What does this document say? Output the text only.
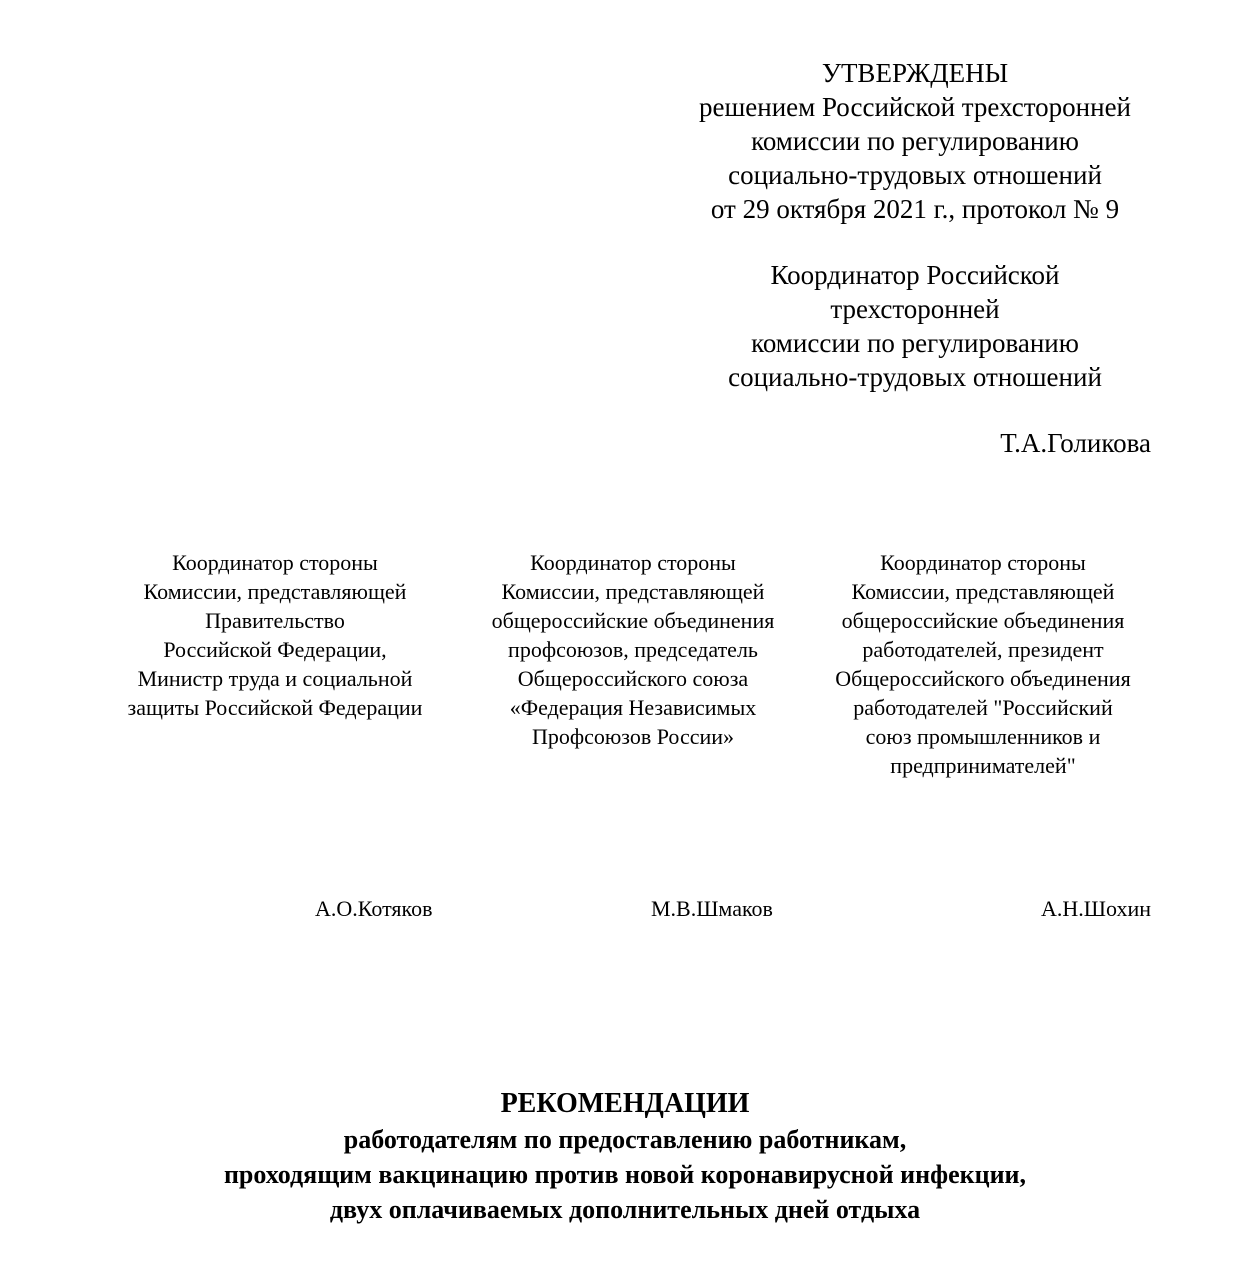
УТВЕРЖДЕНЫ
решением Российской трехсторонней
комиссии по регулированию
социально-трудовых отношений
от 29 октября 2021 г., протокол № 9
Координатор Российской
трехсторонней
комиссии по регулированию
социально-трудовых отношений
Т.А.Голикова
Координатор стороны
Комиссии, представляющей
Правительство
Российской Федерации,
Министр труда и социальной
защиты Российской Федерации
Координатор стороны
Комиссии, представляющей
общероссийские объединения
профсоюзов, председатель
Общероссийского союза
«Федерация Независимых
Профсоюзов России»
Координатор стороны
Комиссии, представляющей
общероссийские объединения
работодателей, президент
Общероссийского объединения
работодателей "Российский
союз промышленников и
предпринимателей"
А.О.Котяков	М.В.Шмаков	А.Н.Шохин
РЕКОМЕНДАЦИИ
работодателям по предоставлению работникам,
проходящим вакцинацию против новой коронавирусной инфекции,
двух оплачиваемых дополнительных дней отдыха
